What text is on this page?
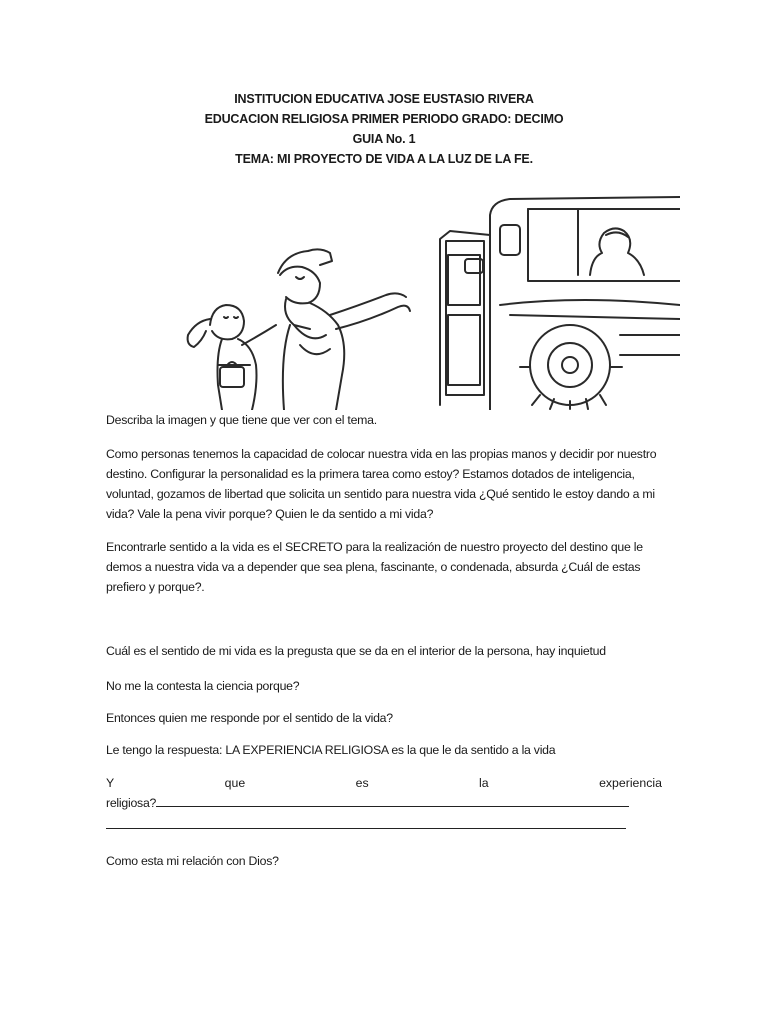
INSTITUCION EDUCATIVA JOSE EUSTASIO RIVERA
EDUCACION RELIGIOSA PRIMER PERIODO GRADO: DECIMO
GUIA No. 1
TEMA: MI PROYECTO DE VIDA A LA LUZ DE LA FE.
Describa la imagen y que tiene que ver con el tema.
Como personas tenemos la capacidad de colocar nuestra vida en las propias manos y decidir por nuestro destino. Configurar la personalidad es la primera tarea como estoy? Estamos dotados de inteligencia, voluntad, gozamos de libertad que solicita un sentido para nuestra vida ¿Qué sentido le estoy dando a mi vida? Vale la pena vivir porque? Quien le da sentido a mi vida?
Encontrarle sentido a la vida es el SECRETO para la realización de nuestro proyecto del destino que le demos a nuestra vida va a depender que sea plena, fascinante, o condenada, absurda ¿Cuál de estas prefiero y porque?.
Cuál es el sentido de mi vida es la pregusta que se da en el interior de la persona, hay inquietud
No me la contesta la ciencia porque?
Entonces quien me responde por el sentido de la vida?
Le tengo la respuesta: LA EXPERIENCIA RELIGIOSA es la que le da sentido a la vida
Y	que	es	la	experiencia
religiosa?
Como esta mi relación con Dios?
